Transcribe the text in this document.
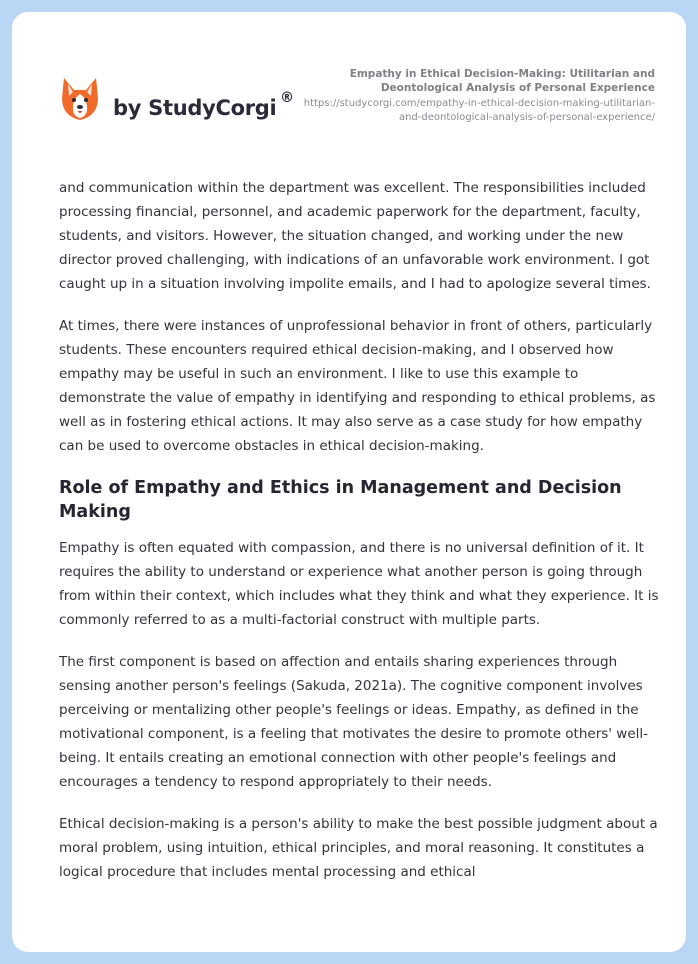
by StudyCorgi ®
Empathy in Ethical Decision-Making: Utilitarian and Deontological Analysis of Personal Experience
https://studycorgi.com/empathy-in-ethical-decision-making-utilitarian-and-deontological-analysis-of-personal-experience/

and communication within the department was excellent. The responsibilities included processing financial, personnel, and academic paperwork for the department, faculty, students, and visitors. However, the situation changed, and working under the new director proved challenging, with indications of an unfavorable work environment. I got caught up in a situation involving impolite emails, and I had to apologize several times.

At times, there were instances of unprofessional behavior in front of others, particularly students. These encounters required ethical decision-making, and I observed how empathy may be useful in such an environment. I like to use this example to demonstrate the value of empathy in identifying and responding to ethical problems, as well as in fostering ethical actions. It may also serve as a case study for how empathy can be used to overcome obstacles in ethical decision-making.

Role of Empathy and Ethics in Management and Decision Making

Empathy is often equated with compassion, and there is no universal definition of it. It requires the ability to understand or experience what another person is going through from within their context, which includes what they think and what they experience. It is commonly referred to as a multi-factorial construct with multiple parts.

The first component is based on affection and entails sharing experiences through sensing another person's feelings (Sakuda, 2021a). The cognitive component involves perceiving or mentalizing other people's feelings or ideas. Empathy, as defined in the motivational component, is a feeling that motivates the desire to promote others' well-being. It entails creating an emotional connection with other people's feelings and encourages a tendency to respond appropriately to their needs.

Ethical decision-making is a person's ability to make the best possible judgment about a moral problem, using intuition, ethical principles, and moral reasoning. It constitutes a logical procedure that includes mental processing and ethical
